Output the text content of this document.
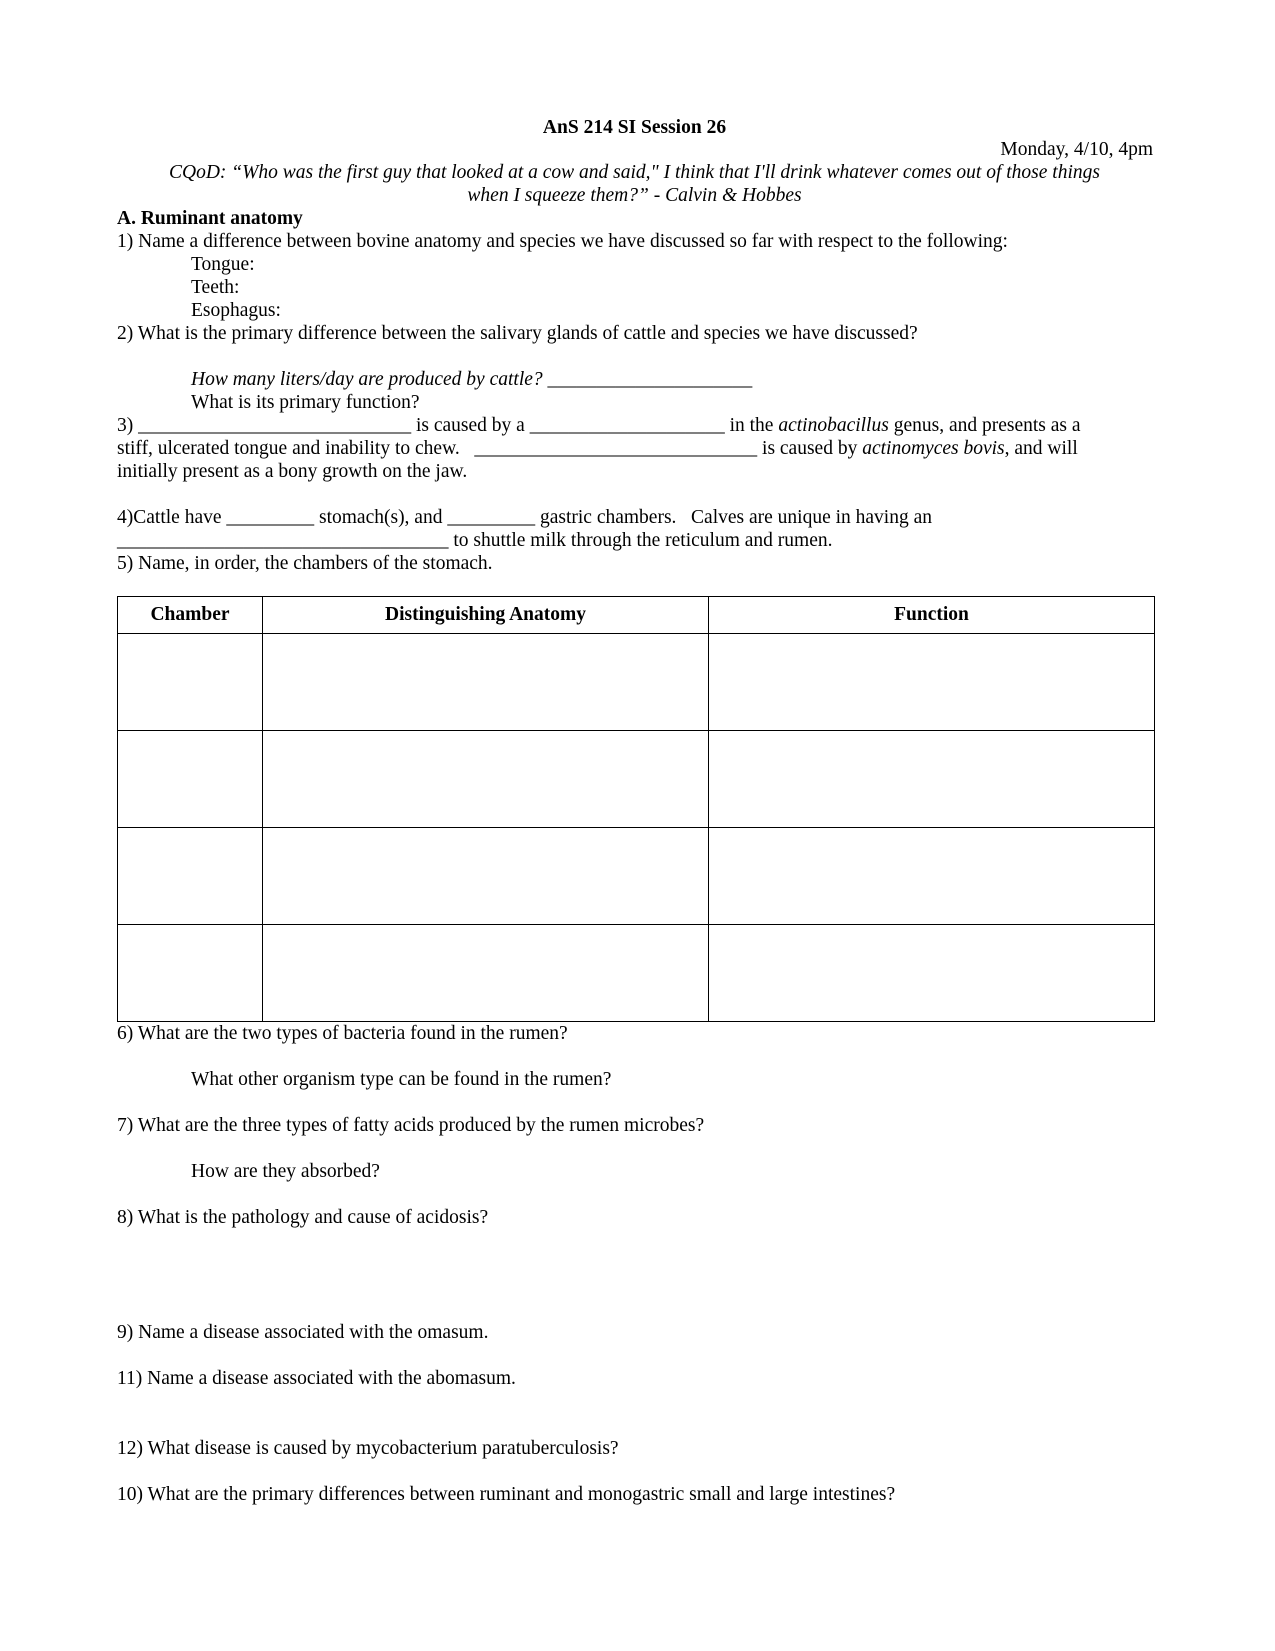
AnS 214 SI Session 26
Monday, 4/10, 4pm
CQoD: “Who was the first guy that looked at a cow and said," I think that I'll drink whatever comes out of those things
when I squeeze them?” - Calvin & Hobbes
A. Ruminant anatomy
1) Name a difference between bovine anatomy and species we have discussed so far with respect to the following:
Tongue:
Teeth:
Esophagus:
2) What is the primary difference between the salivary glands of cattle and species we have discussed?
How many liters/day are produced by cattle? _____________________
What is its primary function?
3) ____________________________ is caused by a ____________________ in the actinobacillus genus, and presents as a
stiff, ulcerated tongue and inability to chew.   _____________________________ is caused by actinomyces bovis, and will
initially present as a bony growth on the jaw.
4)Cattle have _________ stomach(s), and _________ gastric chambers.   Calves are unique in having an
__________________________________ to shuttle milk through the reticulum and rumen.
5) Name, in order, the chambers of the stomach.
Chamber	Distinguishing Anatomy	Function

6) What are the two types of bacteria found in the rumen?
What other organism type can be found in the rumen?
7) What are the three types of fatty acids produced by the rumen microbes?
How are they absorbed?
8) What is the pathology and cause of acidosis?
9) Name a disease associated with the omasum.
11) Name a disease associated with the abomasum.
12) What disease is caused by mycobacterium paratuberculosis?
10) What are the primary differences between ruminant and monogastric small and large intestines?
